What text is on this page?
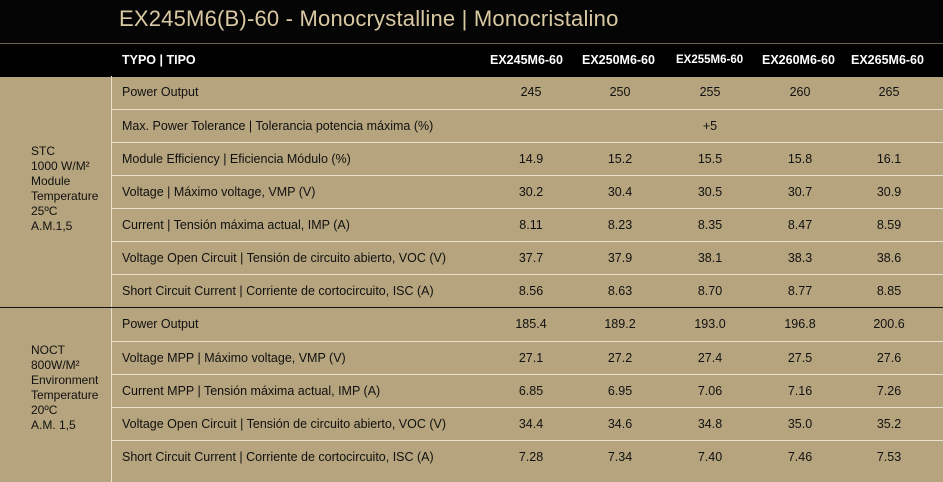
EX245M6(B)-60 - Monocrystalline | Monocristalino
TYPO | TIPO	EX245M6-60 EX250M6-60 EX255M6-60 EX260M6-60 EX265M6-60
STC
1000 W/M²
Module
Temperature
25ºC
A.M.1,5
NOCT
800W/M²
Environment
Temperature
20ºC
A.M. 1,5
Power Output	245	250	255	260	265
Max. Power Tolerance | Tolerancia potencia máxima (%)	+5
Module Efficiency | Eficiencia Módulo (%)	14.9	15.2	15.5	15.8	16.1
Voltage | Máximo voltage, VMP (V)	30.2	30.4	30.5	30.7	30.9
Current | Tensión máxima actual, IMP (A)	8.11	8.23	8.35	8.47	8.59
Voltage Open Circuit | Tensión de circuito abierto, VOC (V)	37.7	37.9	38.1	38.3	38.6
Short Circuit Current | Corriente de cortocircuito, ISC (A)	8.56	8.63	8.70	8.77	8.85
Power Output	185.4	189.2	193.0	196.8	200.6
Voltage MPP | Máximo voltage, VMP (V)	27.1	27.2	27.4	27.5	27.6
Current MPP | Tensión máxima actual, IMP (A)	6.85	6.95	7.06	7.16	7.26
Voltage Open Circuit | Tensión de circuito abierto, VOC (V)	34.4	34.6	34.8	35.0	35.2
Short Circuit Current | Corriente de cortocircuito, ISC (A)	7.28	7.34	7.40	7.46	7.53
